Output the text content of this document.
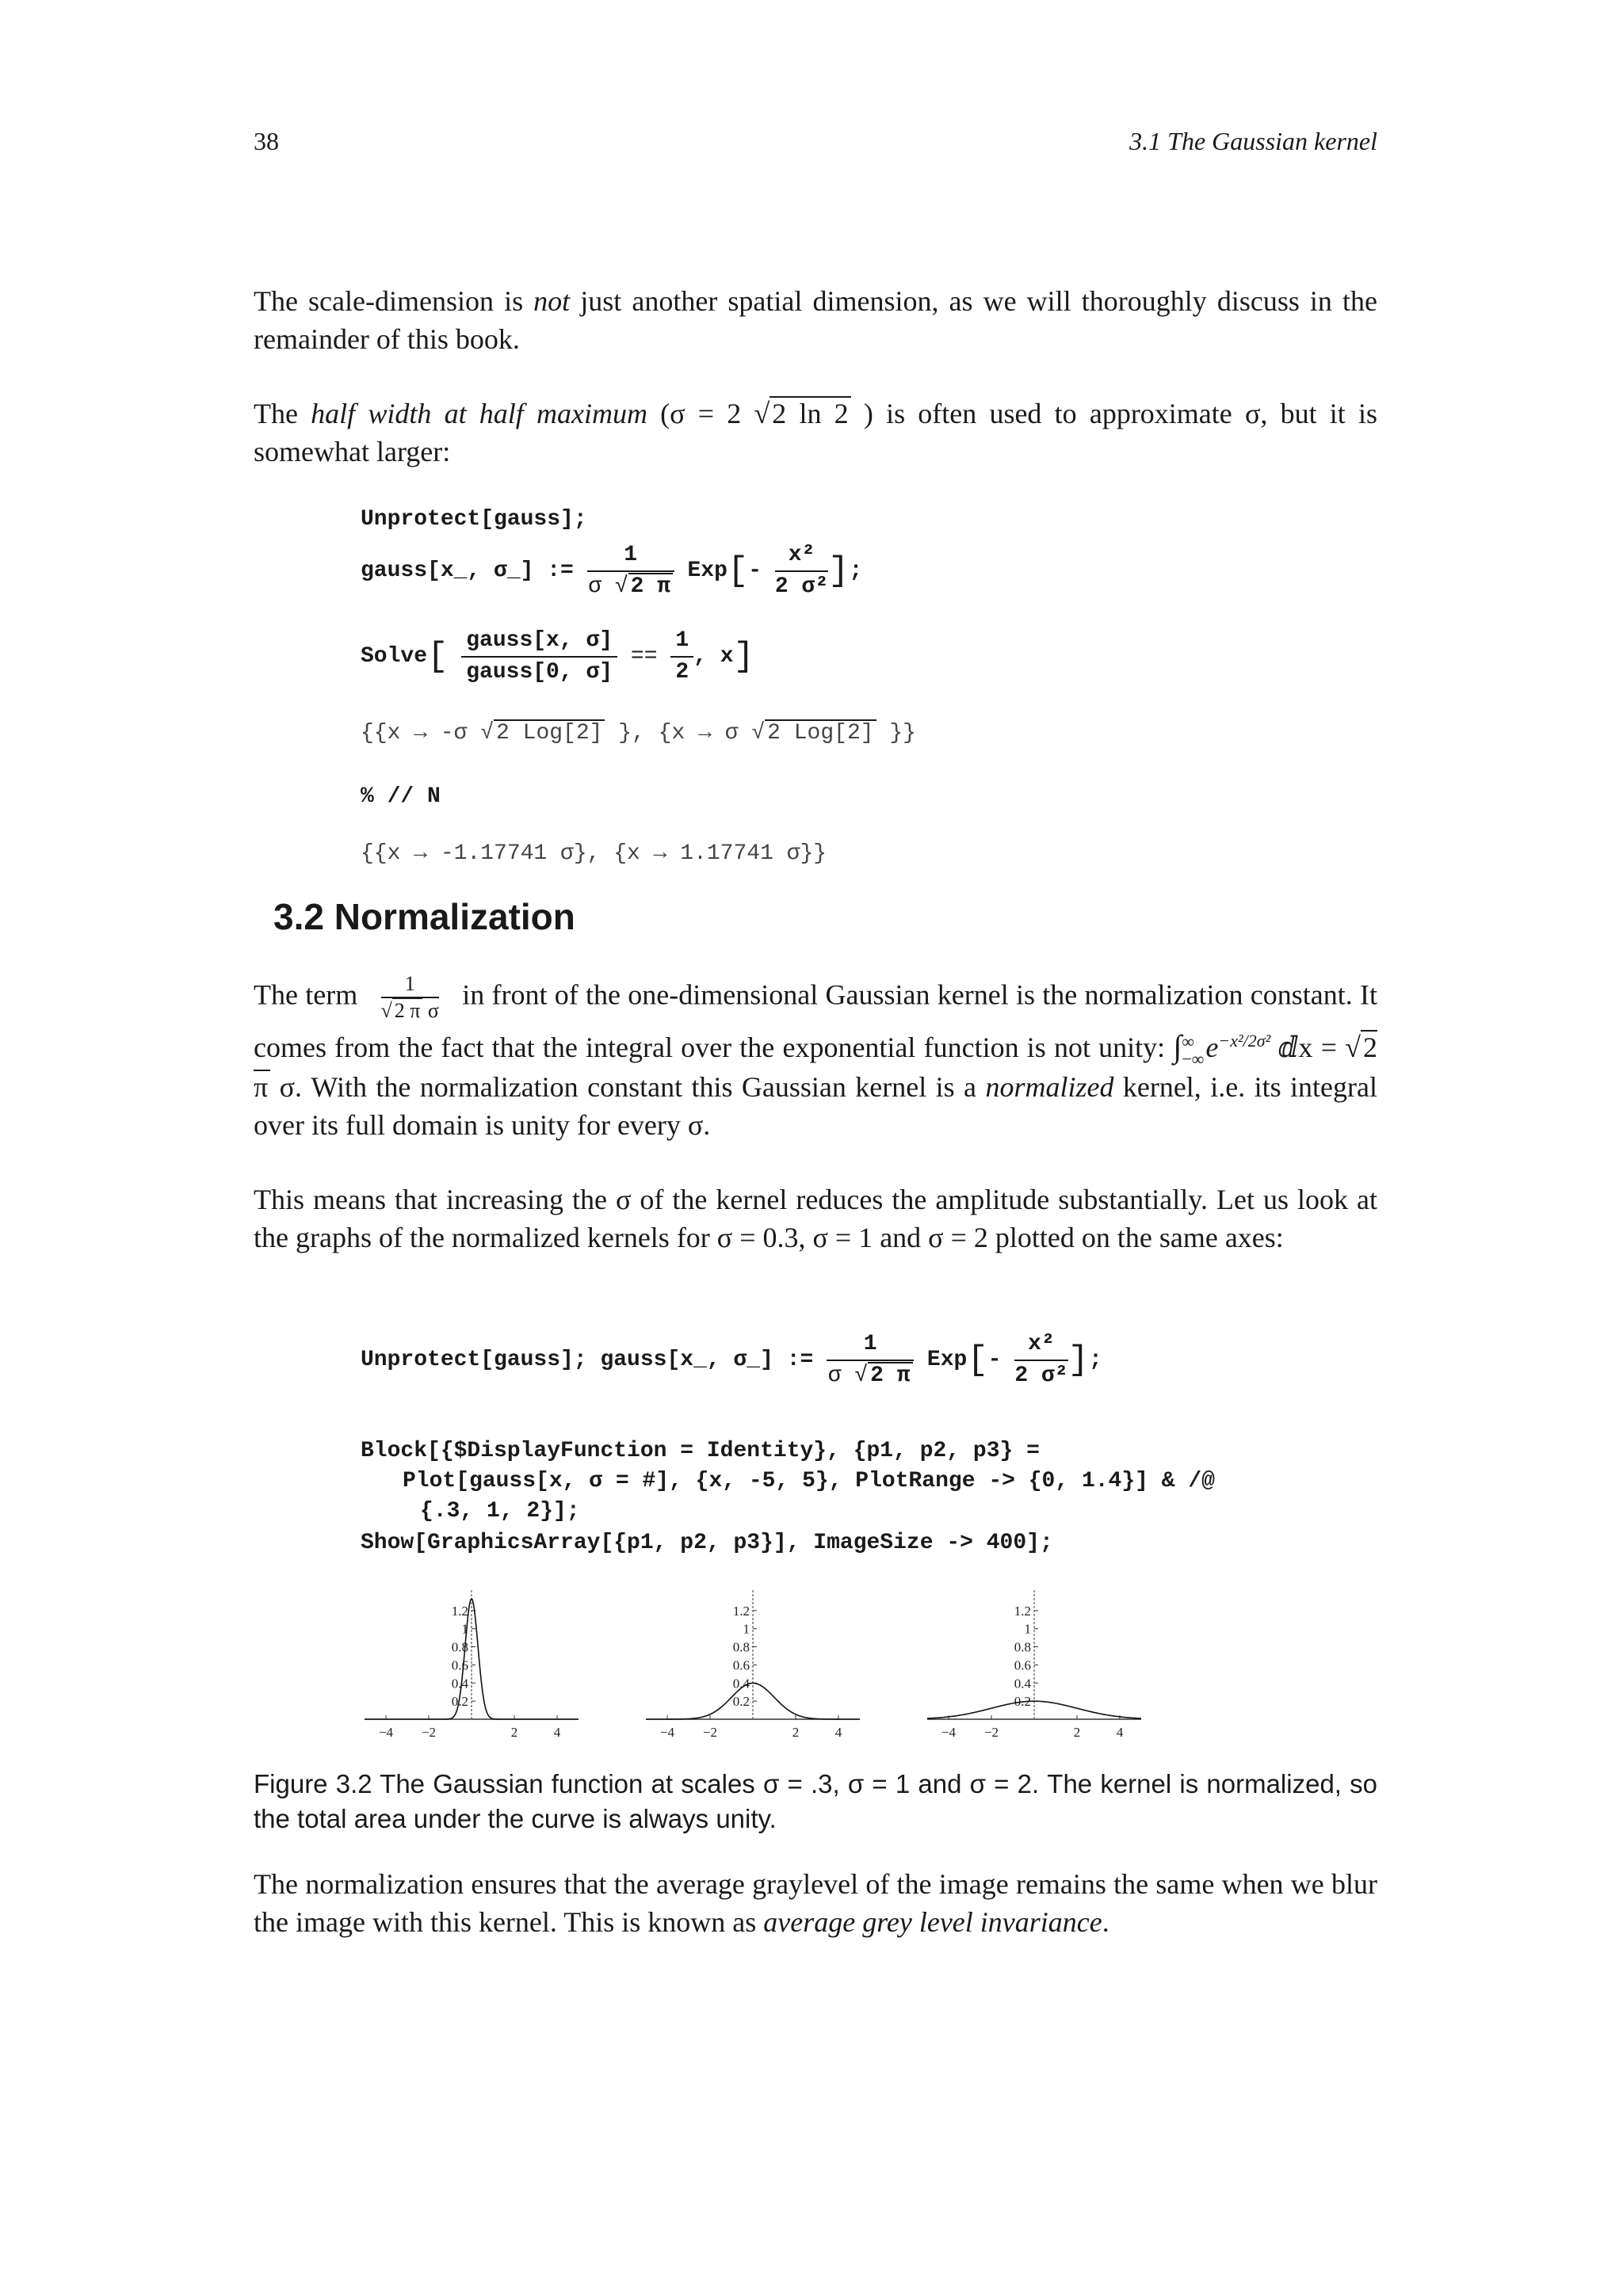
38	3.1 The Gaussian kernel
The scale-dimension is not just another spatial dimension, as we will thoroughly discuss in the remainder of this book.
The half width at half maximum (σ = 2 √2 ln 2 ) is often used to approximate σ, but it is somewhat larger:
Unprotect[gauss];
gauss[x_, σ_] := $\frac{1}{\sigma √ 2 \pi} Exp[- \frac{\text{x²}}{\text{2 σ²}}$ ];
Solve[ $\frac{\text{gauss[x, σ]}}{\text{gauss[0, σ]}} == \frac{1}{2}$ , x]
{{x → -σ √ 2 Log[2] }, {x → σ √ 2 Log[2] }}
% // N
{{x → -1.17741 σ}, {x → 1.17741 σ}}
3.2 Normalization
The term $\frac{1}{\text{√ 2 π σ}}$ in front of the one-dimensional Gaussian kernel is the normalization constant. It comes from the fact that the integral over the exponential function is not unity: ∫ ∞
−∞ $e^{-x^2/2\sigma^2}$ ⅆx = √2 π σ. With the normalization constant this Gaussian kernel is a normalized kernel, i.e. its integral over its full domain is unity for every σ.
This means that increasing the σ of the kernel reduces the amplitude substantially. Let us look at the graphs of the normalized kernels for σ = 0.3, σ = 1 and σ = 2 plotted on the same axes:
Unprotect[gauss]; gauss[x_, σ_] := $\frac{1}{\sigma √ 2 \pi} Exp[- \frac{\text{x²}}{\text{2 σ²}}$ ];
Block[{$DisplayFunction = Identity}, {p1, p2, p3} =
Plot[gauss[x, σ = #], {x, -5, 5}, PlotRange -> {0, 1.4}] & /@
{.3, 1, 2}];
Show[GraphicsArray[{p1, p2, p3}], ImageSize -> 400];
−4 −2	2	4
0.2
0.4
0.6
0.8
1
1.2
−4 −2	2	4
0.2
0.4
0.6
0.8
1
1.2
−4 −2	2	4
0.2
0.4
0.6
0.8
1
1.2
Figure 3.2 The Gaussian function at scales σ = .3, σ = 1 and σ = 2. The kernel is normalized, so the total area under the curve is always unity.
The normalization ensures that the average graylevel of the image remains the same when we blur the image with this kernel. This is known as average grey level invariance.
